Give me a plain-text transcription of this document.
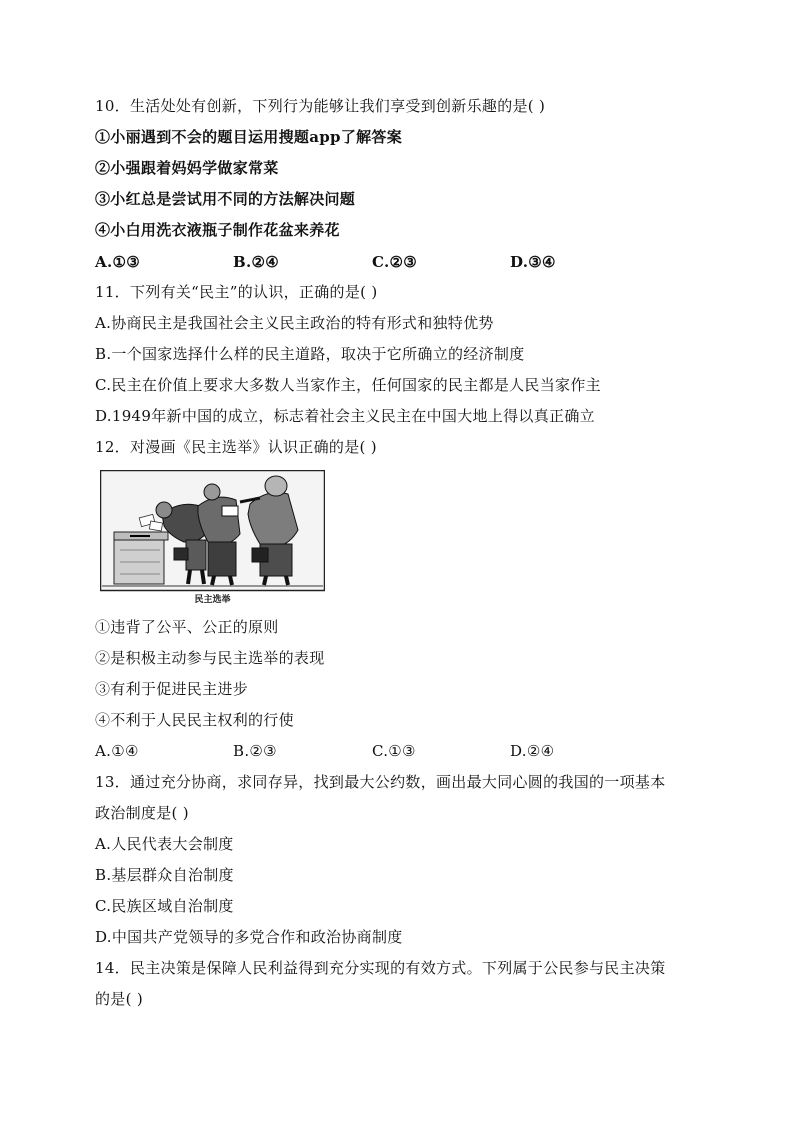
10．生活处处有创新，下列行为能够让我们享受到创新乐趣的是( )
①小丽遇到不会的题目运用搜题app了解答案
②小强跟着妈妈学做家常菜
③小红总是尝试用不同的方法解决问题
④小白用洗衣液瓶子制作花盆来养花
A.①③	B.②④	C.②③	D.③④
11．下列有关“民主”的认识，正确的是( )
A.协商民主是我国社会主义民主政治的特有形式和独特优势
B.一个国家选择什么样的民主道路，取决于它所确立的经济制度
C.民主在价值上要求大多数人当家作主，任何国家的民主都是人民当家作主
D.1949年新中国的成立，标志着社会主义民主在中国大地上得以真正确立
12．对漫画《民主选举》认识正确的是( )
民主选举
①违背了公平、公正的原则
②是积极主动参与民主选举的表现
③有利于促进民主进步
④不利于人民民主权利的行使
A.①④	B.②③	C.①③	D.②④
13．通过充分协商，求同存异，找到最大公约数，画出最大同心圆的我国的一项基本
政治制度是( )
A.人民代表大会制度
B.基层群众自治制度
C.民族区域自治制度
D.中国共产党领导的多党合作和政治协商制度
14．民主决策是保障人民利益得到充分实现的有效方式。下列属于公民参与民主决策
的是( )
